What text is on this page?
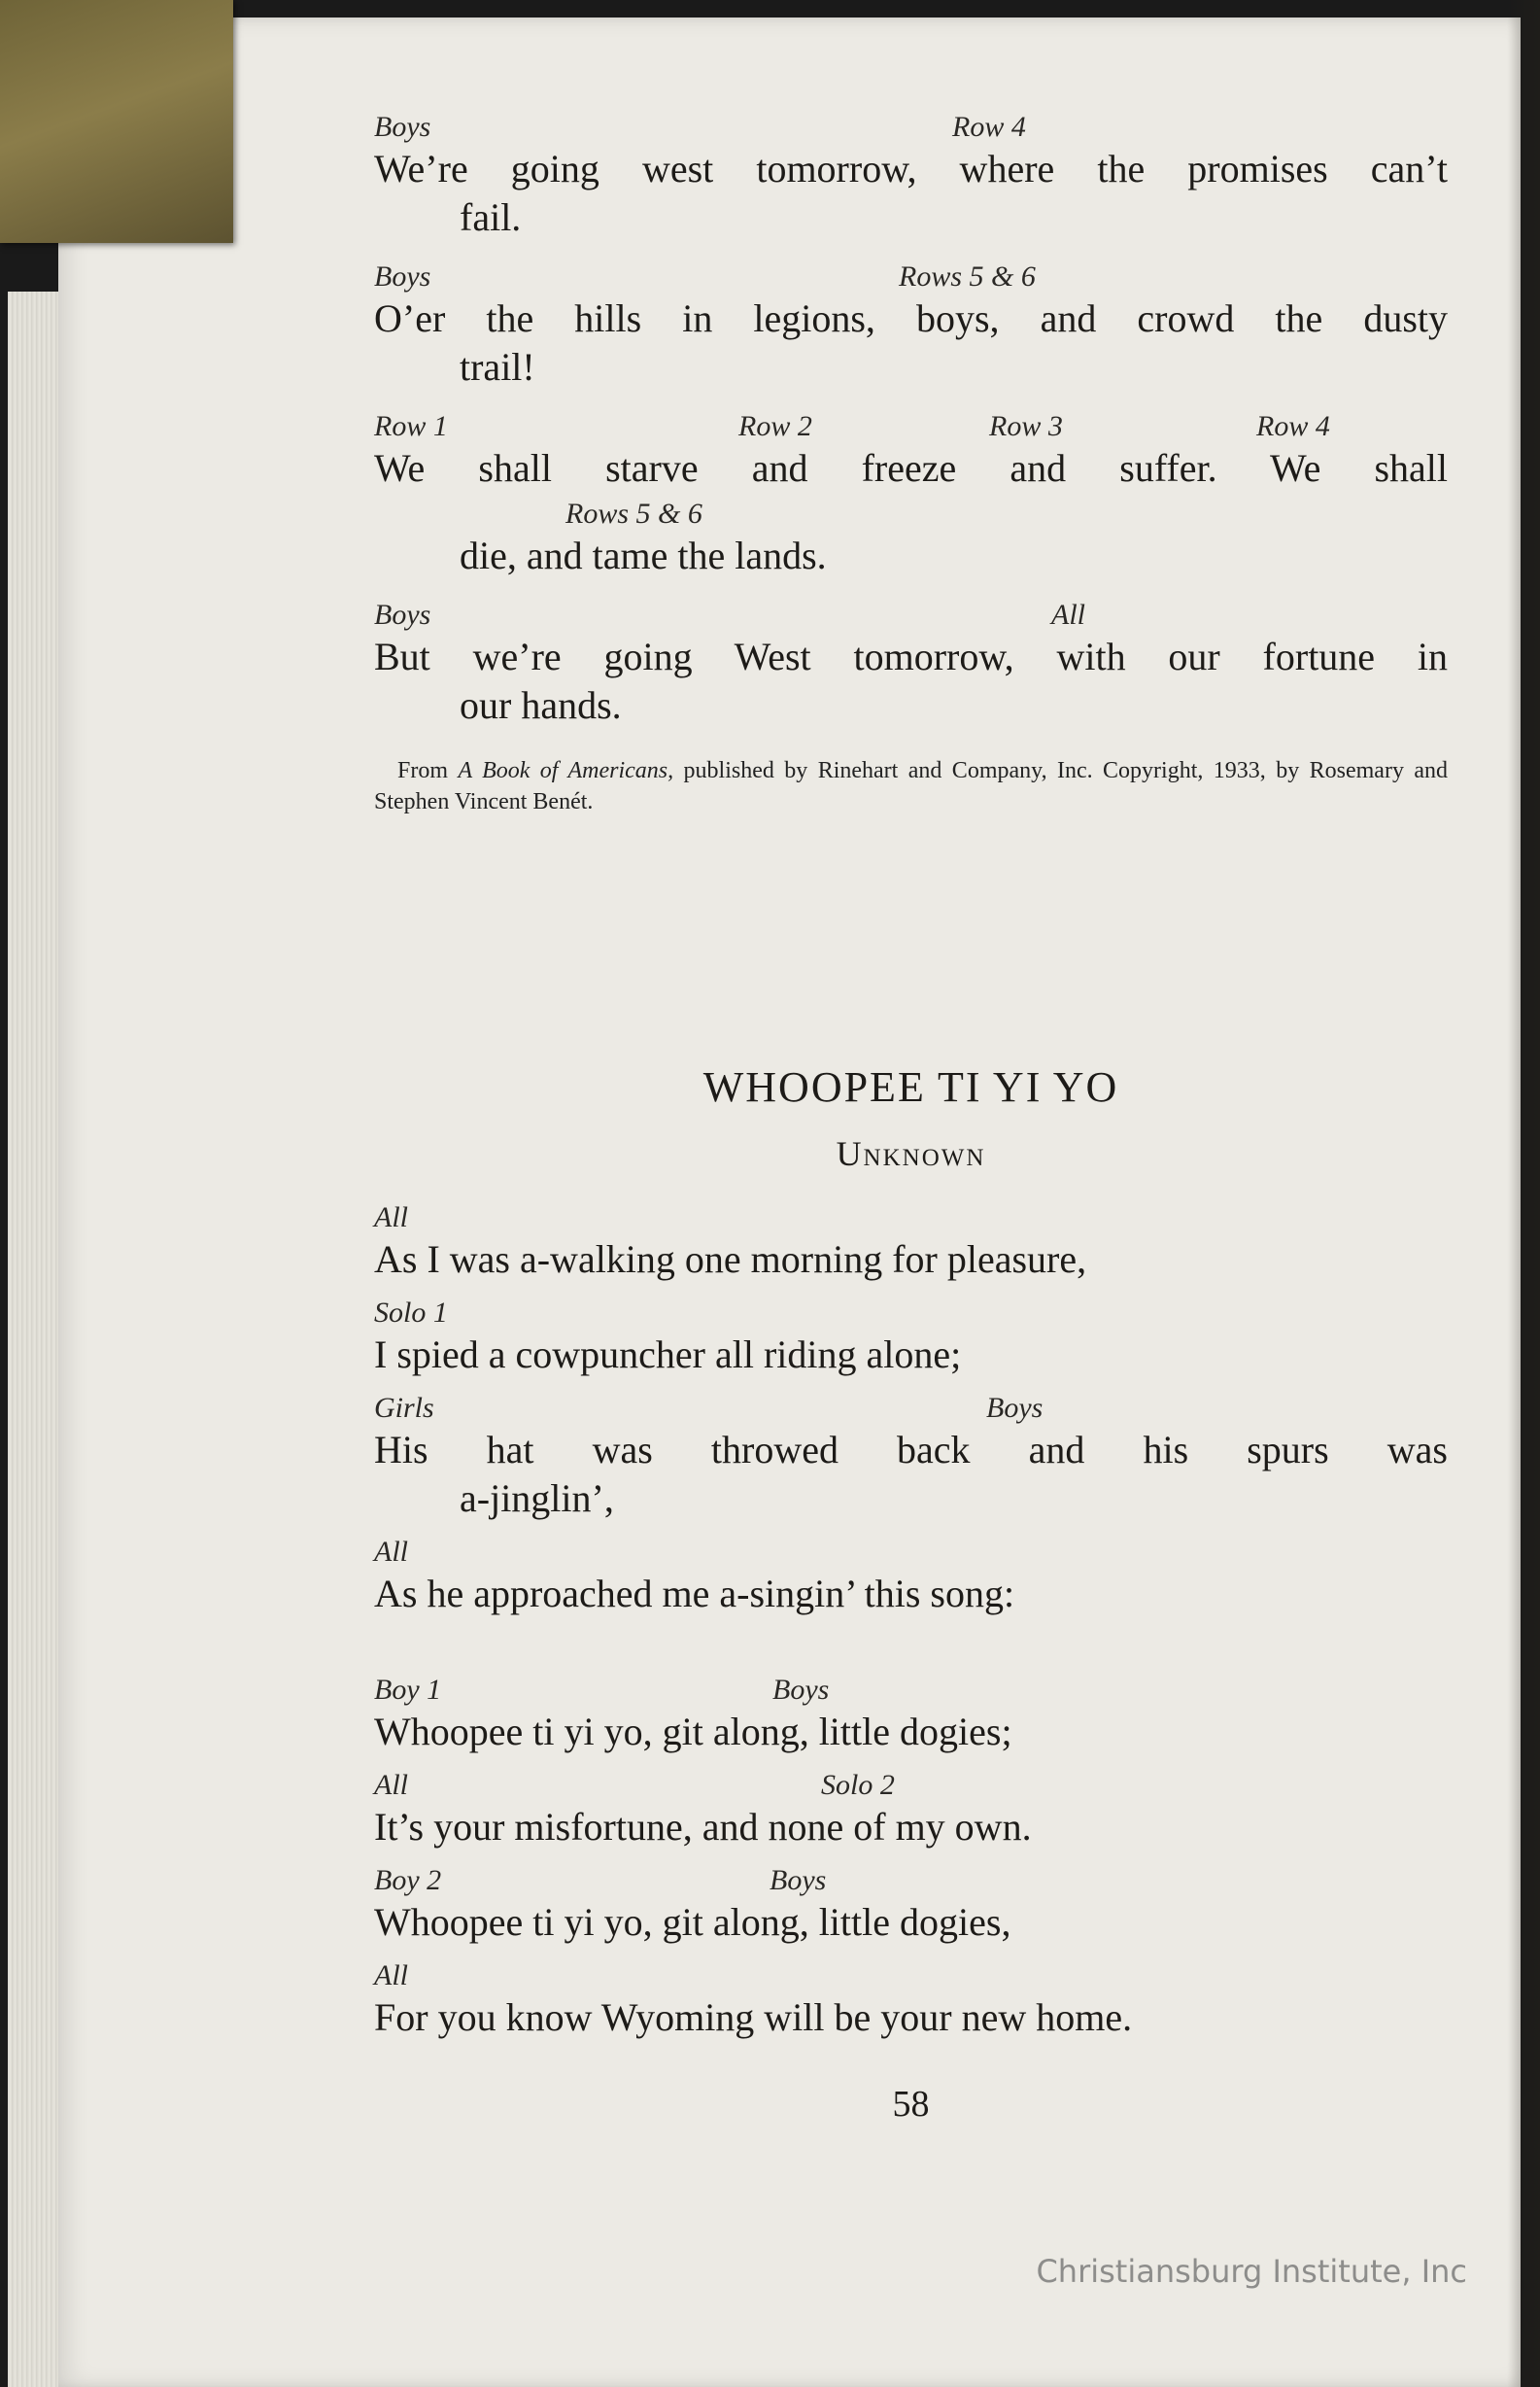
Boys	Row 4
We’re going west tomorrow, where the promises can’t
fail.
Boys	Rows 5 & 6
O’er the hills in legions, boys, and crowd the dusty
trail!
Row 1	Row 2	Row 3	Row 4
We shall starve and freeze and suffer. We shall
Rows 5 & 6
die, and tame the lands.
Boys	All
But we’re going West tomorrow, with our fortune in
our hands.
From A Book of Americans, published by Rinehart and Company, Inc. Copyright, 1933, by Rosemary and Stephen Vincent Benét.
WHOOPEE TI YI YO
Unknown
All
As I was a-walking one morning for pleasure,
Solo 1
I spied a cowpuncher all riding alone;
Girls	Boys
His hat was throwed back and his spurs was
a-jinglin’,
All
As he approached me a-singin’ this song:
Boy 1	Boys
Whoopee ti yi yo, git along, little dogies;
All	Solo 2
It’s your misfortune, and none of my own.
Boy 2	Boys
Whoopee ti yi yo, git along, little dogies,
All
For you know Wyoming will be your new home.
58
Christiansburg Institute, Inc
